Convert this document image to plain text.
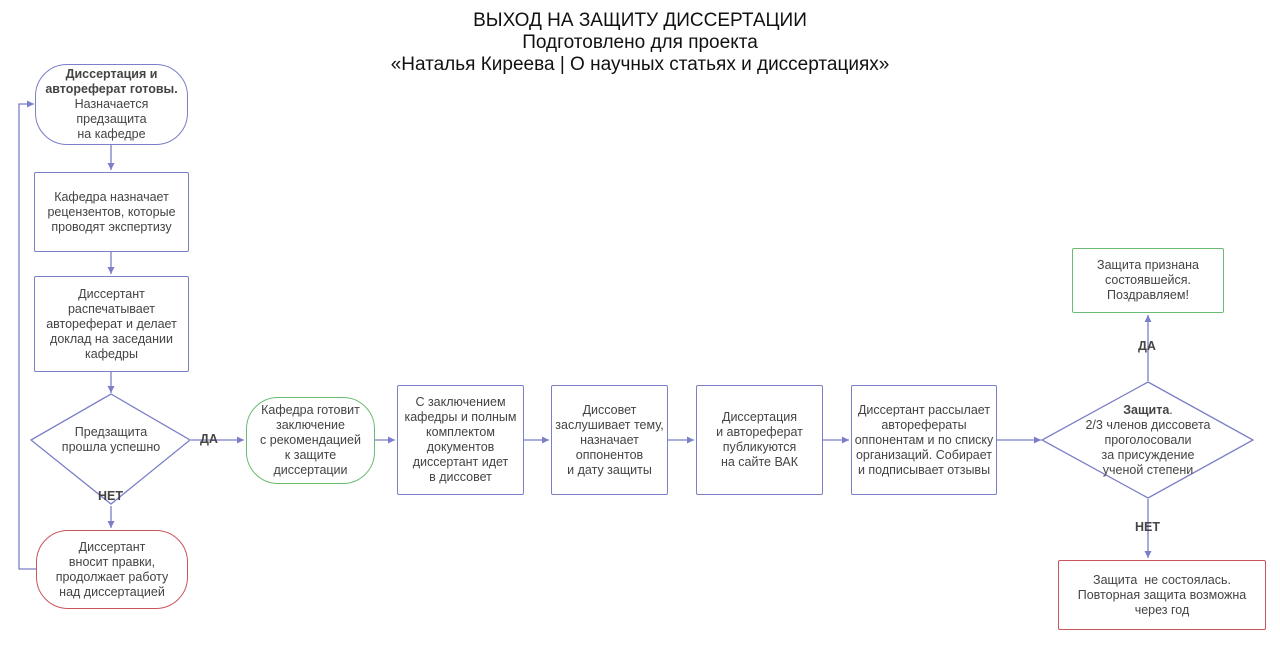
ВЫХОД НА ЗАЩИТУ ДИССЕРТАЦИИ
Подготовлено для проекта
«Наталья Киреева | О научных статьях и диссертациях»
Диссертация и
автореферат готовы.
Назначается
предзащита
на кафедре
Кафедра назначает
рецензентов, которые
проводят экспертизу
Диссертант
распечатывает
автореферат и делает
доклад на заседании
кафедры
Предзащита
прошла успешно
ДА
НЕТ
Диссертант
вносит правки,
продолжает работу
над диссертацией
Кафедра готовит
заключение
с рекомендацией
к защите
диссертации
С заключением
кафедры и полным
комплектом
документов
диссертант идет
в диссовет
Диссовет
заслушивает тему,
назначает
оппонентов
и дату защиты
Диссертация
и автореферат
публикуются
на сайте ВАК
Диссертант рассылает
авторефераты
оппонентам и по списку
организаций. Собирает
и подписывает отзывы
Защита.
2/3 членов диссовета
проголосовали
за присуждение
ученой степени
ДА
НЕТ
Защита признана
состоявшейся.
Поздравляем!
Защита  не состоялась.
Повторная защита возможна
через год
